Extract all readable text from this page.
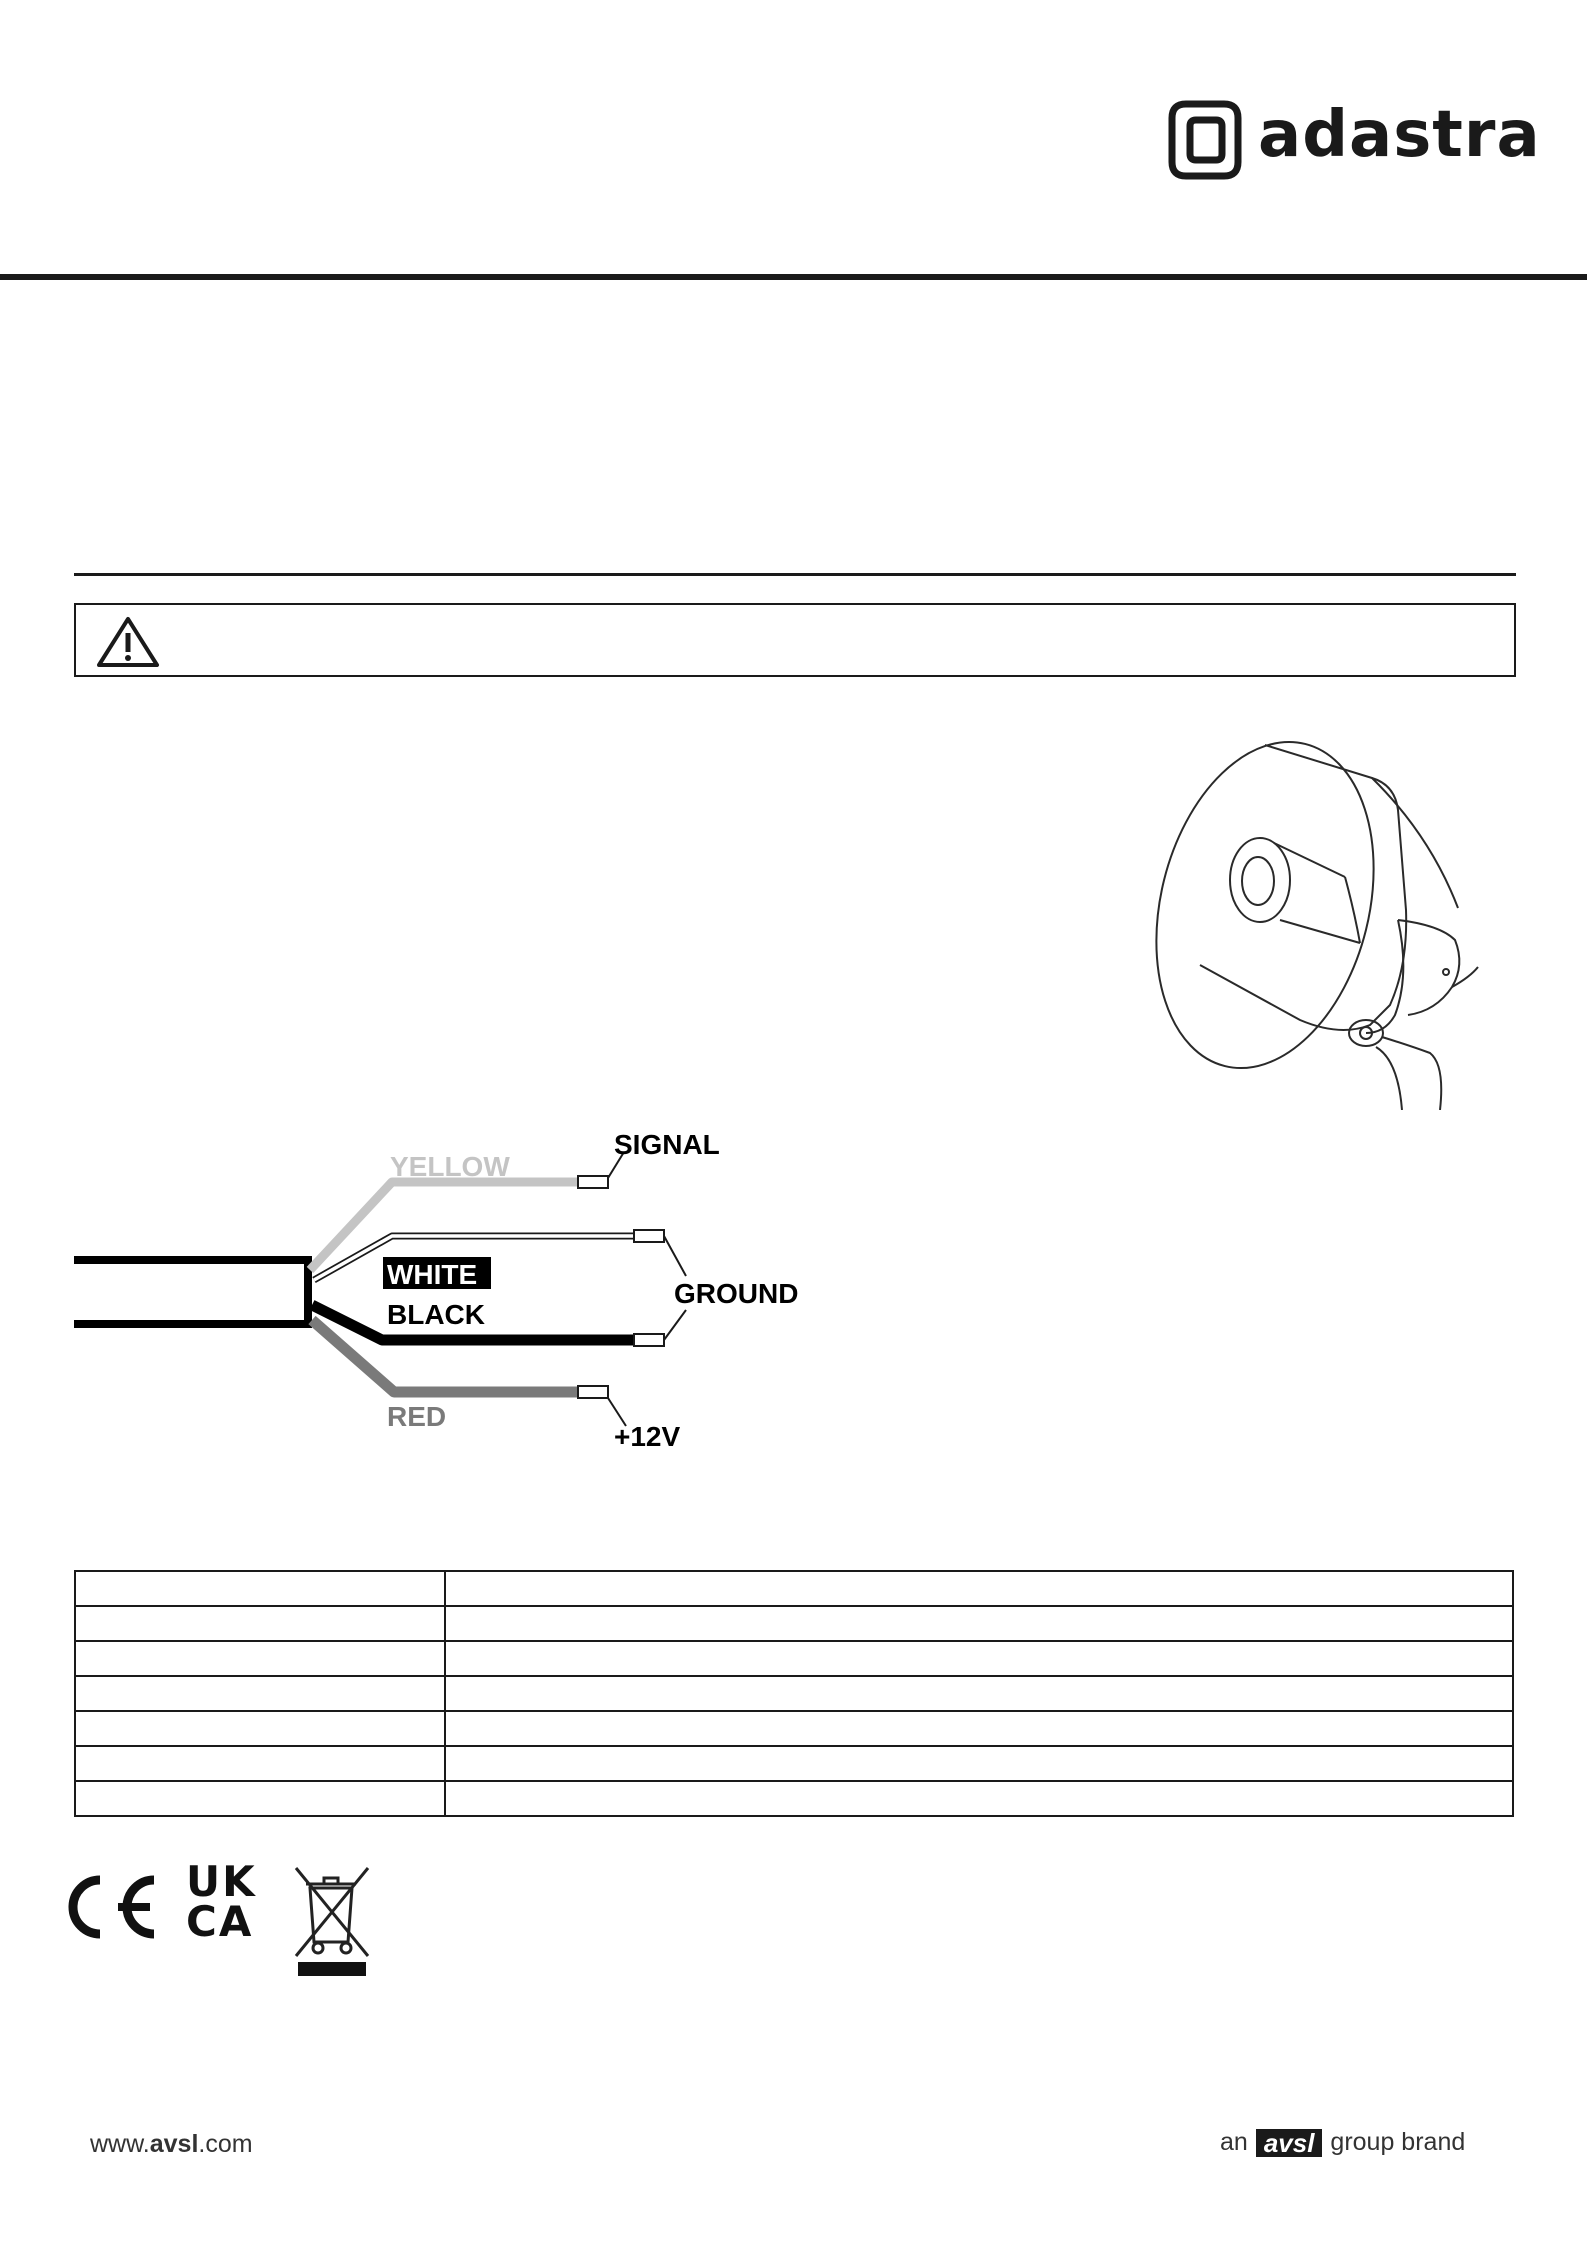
adastra
YELLOW
WHITE
BLACK
RED
SIGNAL
GROUND
+12V

UK
CA
www.avsl.com	an avsl group brand
